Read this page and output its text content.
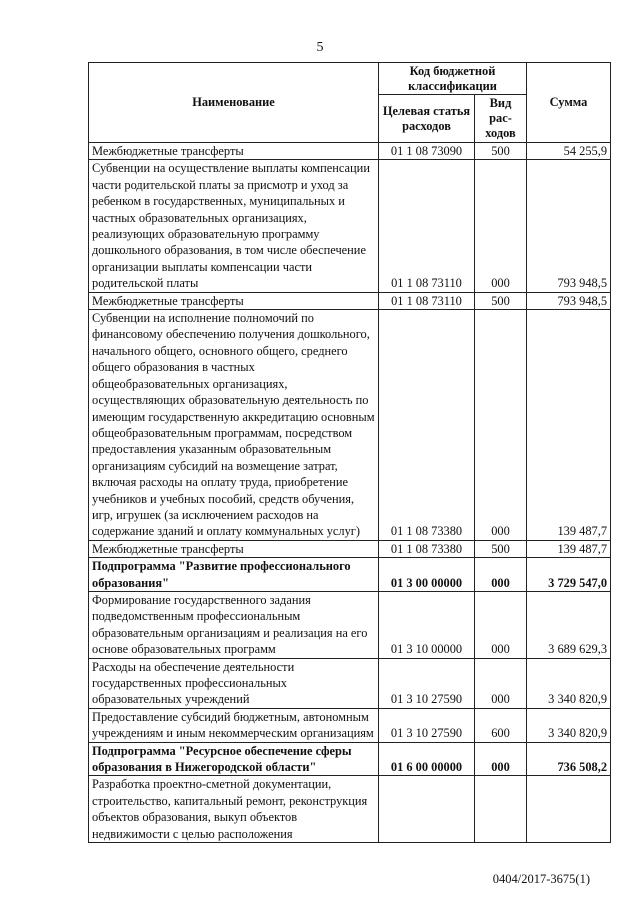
5
Наименование	Код бюджетной классификации		Сумма
	Целевая статья расходов	Вид рас-ходов	
Межбюджетные трансферты	01 1 08 73090	500	54 255,9
Субвенции на осуществление выплаты компенсации части родительской платы за присмотр и уход за ребенком в государственных, муниципальных и частных образовательных организациях, реализующих образовательную программу дошкольного образования, в том числе обеспечение организации выплаты компенсации части родительской платы	01 1 08 73110	000	793 948,5
Межбюджетные трансферты	01 1 08 73110	500	793 948,5
Субвенции на исполнение полномочий по финансовому обеспечению получения дошкольного, начального общего, основного общего, среднего общего образования в частных общеобразовательных организациях, осуществляющих образовательную деятельность по имеющим государственную аккредитацию основным общеобразовательным программам, посредством предоставления указанным образовательным организациям субсидий на возмещение затрат, включая расходы на оплату труда, приобретение учебников и учебных пособий, средств обучения, игр, игрушек (за исключением расходов на содержание зданий и оплату коммунальных услуг)	01 1 08 73380	000	139 487,7
Межбюджетные трансферты	01 1 08 73380	500	139 487,7
Подпрограмма "Развитие профессионального образования"	01 3 00 00000	000	3 729 547,0
Формирование государственного задания подведомственным профессиональным образовательным организациям и реализация на его основе образовательных программ	01 3 10 00000	000	3 689 629,3
Расходы на обеспечение деятельности государственных профессиональных образовательных учреждений	01 3 10 27590	000	3 340 820,9
Предоставление субсидий бюджетным, автономным учреждениям и иным некоммерческим организациям	01 3 10 27590	600	3 340 820,9
Подпрограмма "Ресурсное обеспечение сферы образования в Нижегородской области"	01 6 00 00000	000	736 508,2
Разработка проектно-сметной документации, строительство, капитальный ремонт, реконструкция объектов образования, выкуп объектов недвижимости с целью расположения			
0404/2017-3675(1)
